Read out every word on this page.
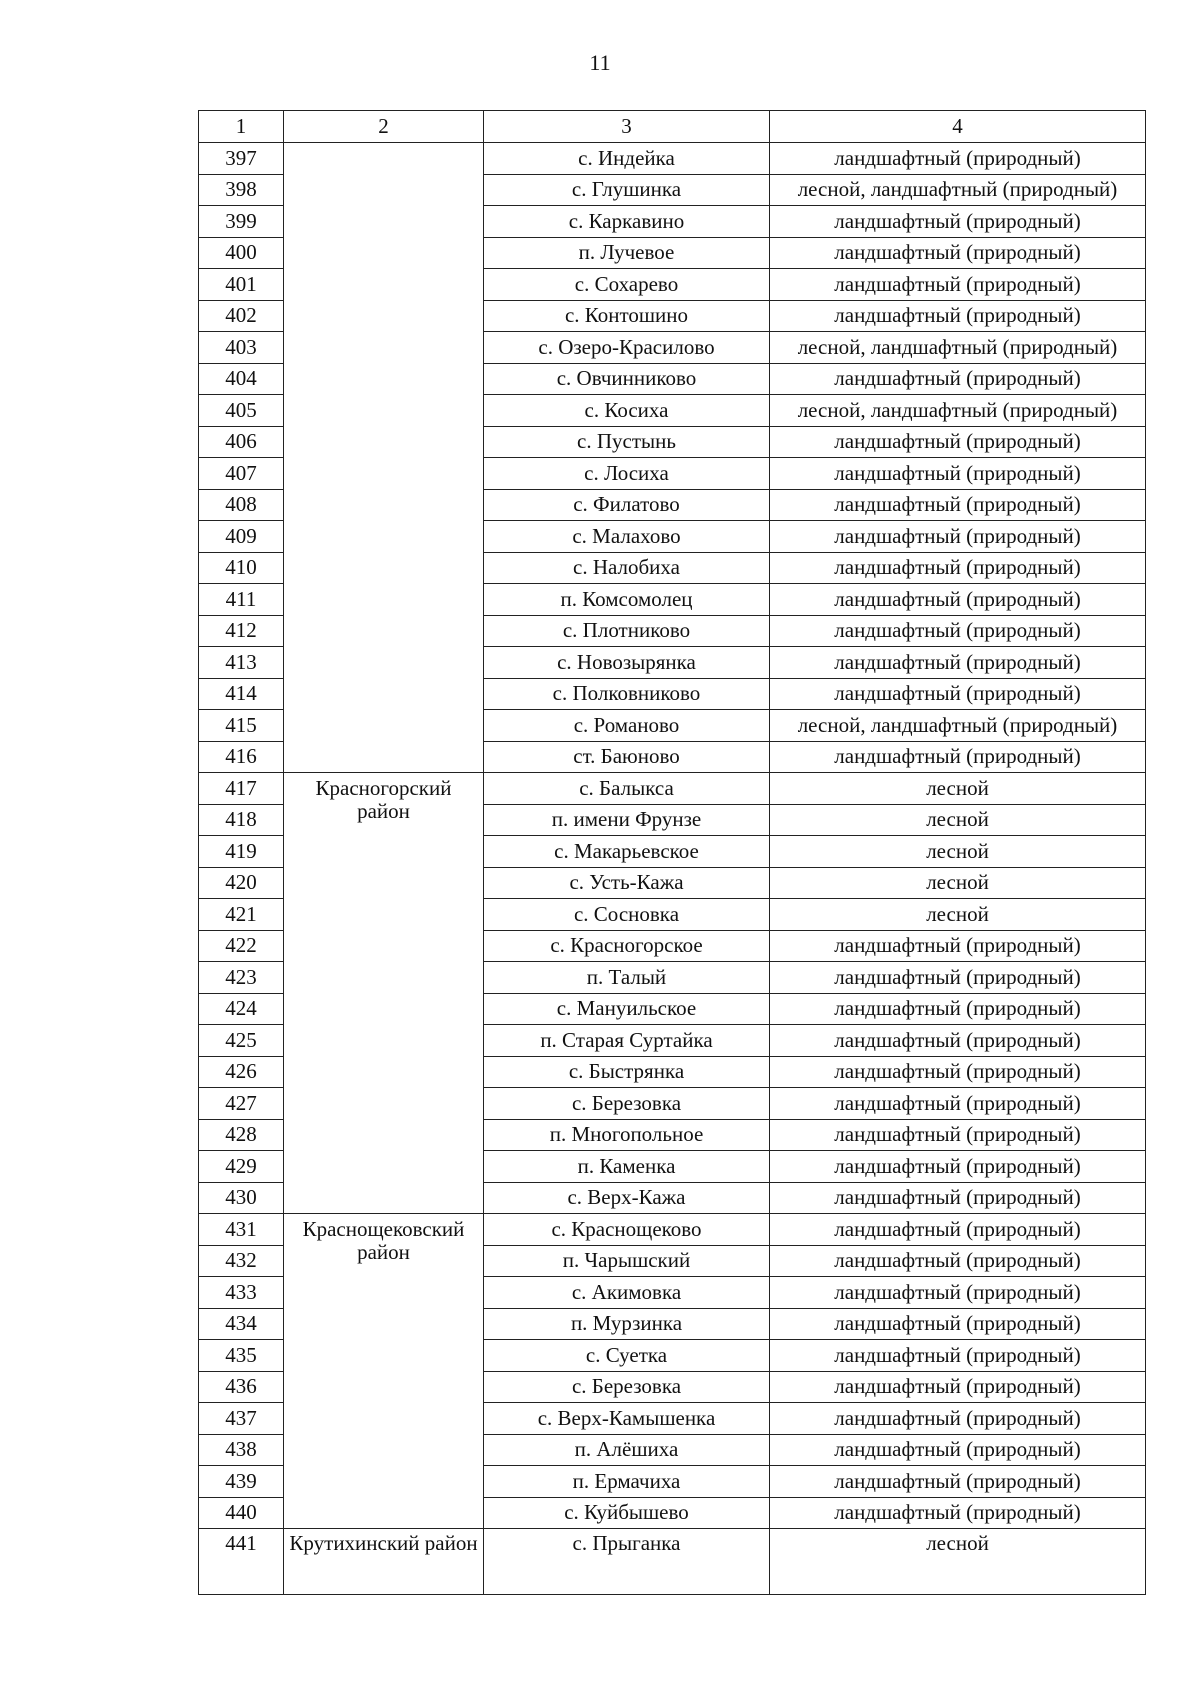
11
1	2	3	4
397		с. Индейка	ландшафтный (природный)
398		с. Глушинка	лесной, ландшафтный (природный)
399		с. Каркавино	ландшафтный (природный)
400		п. Лучевое	ландшафтный (природный)
401		с. Сохарево	ландшафтный (природный)
402		с. Контошино	ландшафтный (природный)
403		с. Озеро-Красилово	лесной, ландшафтный (природный)
404		с. Овчинниково	ландшафтный (природный)
405		с. Косиха	лесной, ландшафтный (природный)
406		с. Пустынь	ландшафтный (природный)
407		с. Лосиха	ландшафтный (природный)
408		с. Филатово	ландшафтный (природный)
409		с. Малахово	ландшафтный (природный)
410		с. Налобиха	ландшафтный (природный)
411		п. Комсомолец	ландшафтный (природный)
412		с. Плотниково	ландшафтный (природный)
413		с. Новозырянка	ландшафтный (природный)
414		с. Полковниково	ландшафтный (природный)
415		с. Романово	лесной, ландшафтный (природный)
416		ст. Баюново	ландшафтный (природный)
417	Красногорский район	с. Балыкса	лесной
418		п. имени Фрунзе	лесной
419		с. Макарьевское	лесной
420		с. Усть-Кажа	лесной
421		с. Сосновка	лесной
422		с. Красногорское	ландшафтный (природный)
423		п. Талый	ландшафтный (природный)
424		с. Мануильское	ландшафтный (природный)
425		п. Старая Суртайка	ландшафтный (природный)
426		с. Быстрянка	ландшафтный (природный)
427		с. Березовка	ландшафтный (природный)
428		п. Многопольное	ландшафтный (природный)
429		п. Каменка	ландшафтный (природный)
430		с. Верх-Кажа	ландшафтный (природный)
431	Краснощековский район	с. Краснощеково	ландшафтный (природный)
432		п. Чарышский	ландшафтный (природный)
433		с. Акимовка	ландшафтный (природный)
434		п. Мурзинка	ландшафтный (природный)
435		с. Суетка	ландшафтный (природный)
436		с. Березовка	ландшафтный (природный)
437		с. Верх-Камышенка	ландшафтный (природный)
438		п. Алёшиха	ландшафтный (природный)
439		п. Ермачиха	ландшафтный (природный)
440		с. Куйбышево	ландшафтный (природный)
441	Крутихинский район	с. Прыганка	лесной
